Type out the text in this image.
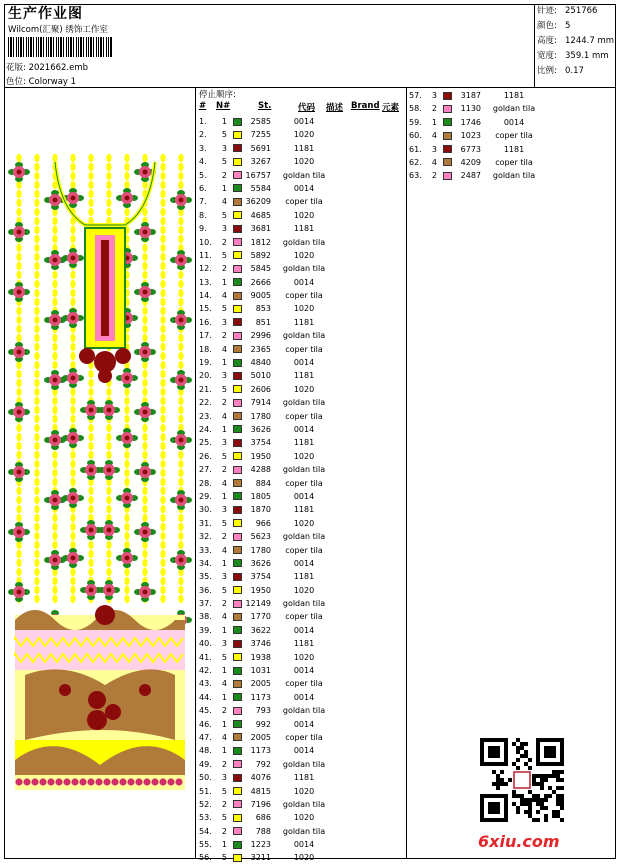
生产作业图
Wilcom(汇聚) 绣饰工作室
花版: 2021662.emb
色位: Colorway 1
针迹: 251766
颜色: 5
高度: 1244.7 mm
宽度: 359.1 mm
比例: 0.17
停止顺序:
# N#	St.	代码 描述 Brand 元素
1.	1	2585	0014
2.	5	7255	1020
3.	3	5691	1181
4.	5	3267	1020
5.	2 16757	goldan tila
6.	1	5584	0014
7.	4 36209	coper tila
8.	5	4685	1020
9.	3	3681	1181
10.	2	1812	goldan tila
11.	5	5892	1020
12.	2	5845	goldan tila
13.	1	2666	0014
14.	4	9005	coper tila
15.	5	853	1020
16.	3	851	1181
17.	2	2996	goldan tila
18.	4	2365	coper tila
19.	1	4840	0014
20.	3	5010	1181
21.	5	2606	1020
22.	2	7914	goldan tila
23.	4	1780	coper tila
24.	1	3626	0014
25.	3	3754	1181
26.	5	1950	1020
27.	2	4288	goldan tila
28.	4	884	coper tila
29.	1	1805	0014
30.	3	1870	1181
31.	5	966	1020
32.	2	5623	goldan tila
33.	4	1780	coper tila
34.	1	3626	0014
35.	3	3754	1181
36.	5	1950	1020
37.	2 12149	goldan tila
38.	4	1770	coper tila
39.	1	3622	0014
40.	3	3746	1181
41.	5	1938	1020
42.	1	1031	0014
43.	4	2005	coper tila
44.	1	1173	0014
45.	2	793	goldan tila
46.	1	992	0014
47.	4	2005	coper tila
48.	1	1173	0014
49.	2	792	goldan tila
50.	3	4076	1181
51.	5	4815	1020
52.	2	7196	goldan tila
53.	5	686	1020
54.	2	788	goldan tila
55.	1	1223	0014
56.	5	3211	1020
57.	3	3187	1181
58.	2	1130	goldan tila
59.	1	1746	0014
60.	4	1023	coper tila
61.	3	6773	1181
62.	4	4209	coper tila
63.	2	2487	goldan tila
6xiu.com
